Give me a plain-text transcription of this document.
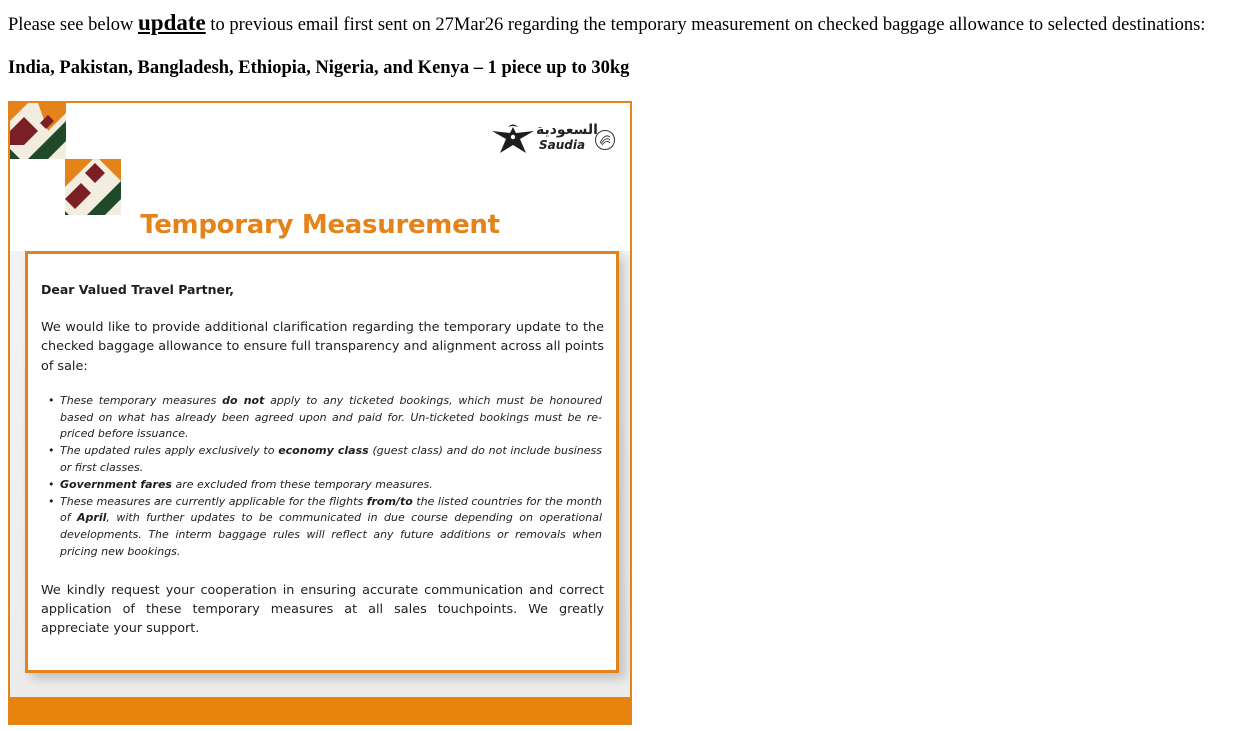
Please see below update to previous email first sent on 27Mar26 regarding the temporary measurement on checked baggage allowance to selected destinations:
India, Pakistan, Bangladesh, Ethiopia, Nigeria, and Kenya – 1 piece up to 30kg
السعودية
Saudia
Temporary Measurement

Dear Valued Travel Partner,

We would like to provide additional clarification regarding the temporary update to the checked baggage allowance to ensure full transparency and alignment across all points of sale:

• These temporary measures do not apply to any ticketed bookings, which must be honoured based on what has already been agreed upon and paid for. Un-ticketed bookings must be re-priced before issuance.
• The updated rules apply exclusively to economy class (guest class) and do not include business or first classes.
• Government fares are excluded from these temporary measures.
• These measures are currently applicable for the flights from/to the listed countries for the month of April, with further updates to be communicated in due course depending on operational developments. The interm baggage rules will reflect any future additions or removals when pricing new bookings.

We kindly request your cooperation in ensuring accurate communication and correct application of these temporary measures at all sales touchpoints. We greatly appreciate your support.
